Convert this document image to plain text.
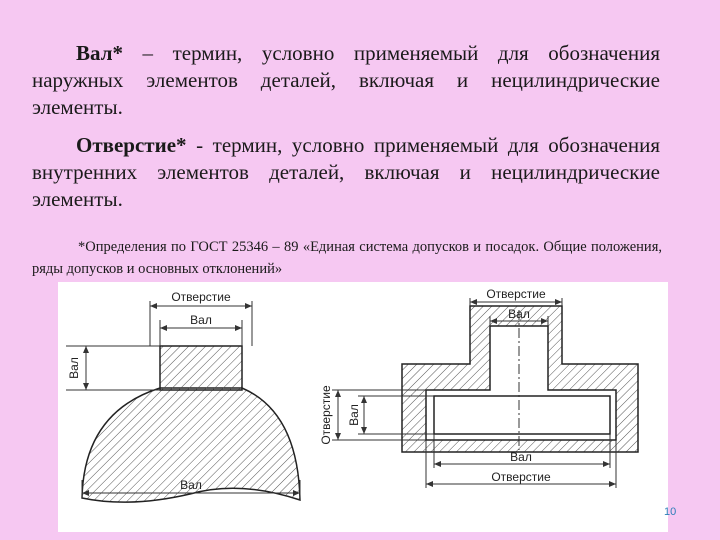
Вал* – термин, условно применяемый для обозначения наружных элементов деталей, включая и нецилиндрические элементы.
Отверстие* - термин, условно применяемый для обозначения внутренних элементов деталей, включая и нецилиндрические элементы.
*Определения по ГОСТ 25346 – 89 «Единая система допусков и посадок. Общие положения, ряды допусков и основных отклонений»
Отверстие
Вал
Вал
Вал
Отверстие
Вал
Отверстие Вал
Вал
Отверстие
10
